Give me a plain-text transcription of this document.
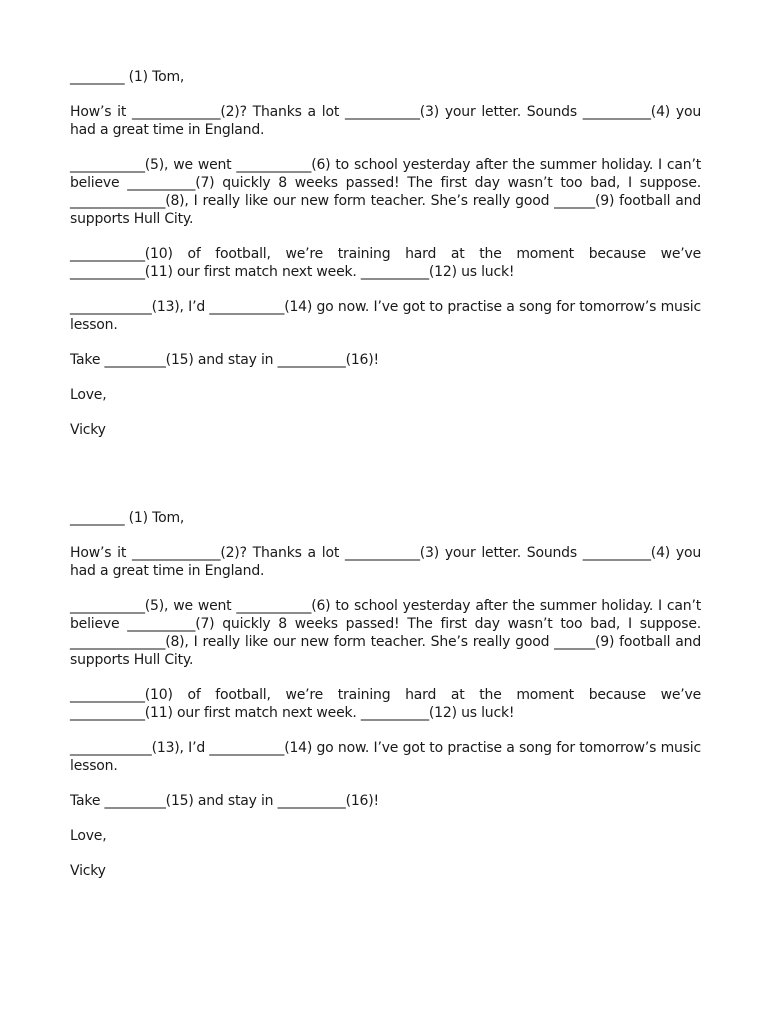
________ (1) Tom,

How’s it _____________(2)? Thanks a lot ___________(3) your letter. Sounds __________(4) you had a great time in England.

___________(5), we went ___________(6) to school yesterday after the summer holiday. I can’t believe __________(7) quickly 8 weeks passed! The first day wasn’t too bad, I suppose. ______________(8), I really like our new form teacher. She’s really good ______(9) football and supports Hull City.

___________(10) of football, we’re training hard at the moment because we’ve ___________(11) our first match next week. __________(12) us luck!

____________(13), I’d ___________(14) go now. I’ve got to practise a song for tomorrow’s music lesson.

Take _________(15) and stay in __________(16)!

Love,

Vicky

________ (1) Tom,

How’s it _____________(2)? Thanks a lot ___________(3) your letter. Sounds __________(4) you had a great time in England.

___________(5), we went ___________(6) to school yesterday after the summer holiday. I can’t believe __________(7) quickly 8 weeks passed! The first day wasn’t too bad, I suppose. ______________(8), I really like our new form teacher. She’s really good ______(9) football and supports Hull City.

___________(10) of football, we’re training hard at the moment because we’ve ___________(11) our first match next week. __________(12) us luck!

____________(13), I’d ___________(14) go now. I’ve got to practise a song for tomorrow’s music lesson.

Take _________(15) and stay in __________(16)!

Love,

Vicky
